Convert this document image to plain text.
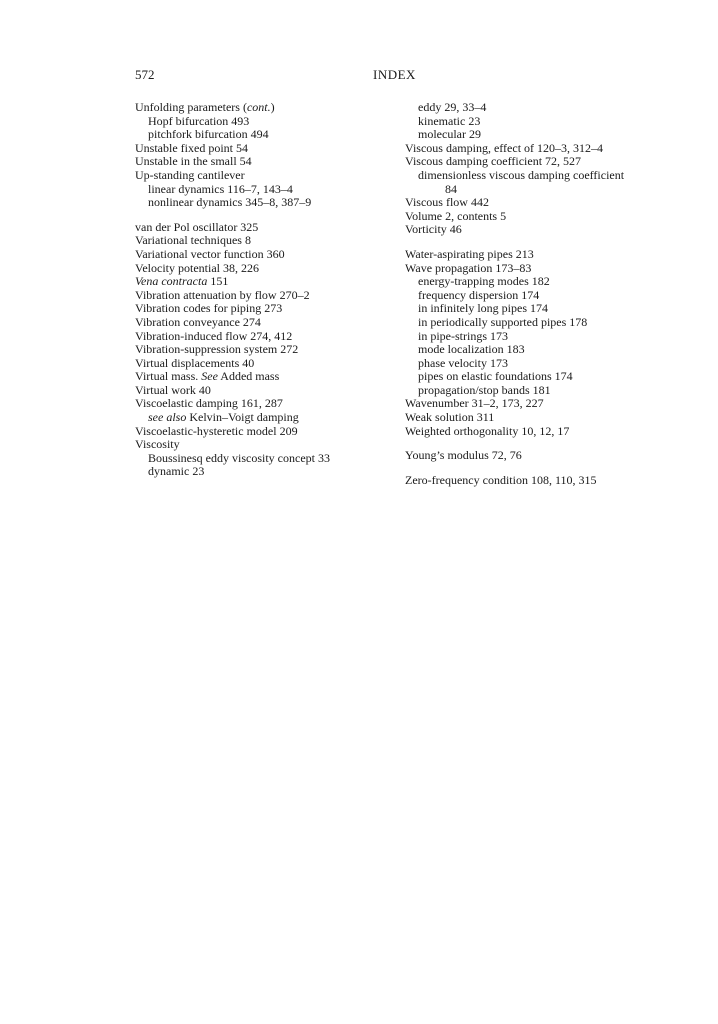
572	INDEX
Unfolding parameters (cont.)
Hopf bifurcation 493
pitchfork bifurcation 494
Unstable fixed point 54
Unstable in the small 54
Up-standing cantilever
linear dynamics 116–7, 143–4
nonlinear dynamics 345–8, 387–9
van der Pol oscillator 325
Variational techniques 8
Variational vector function 360
Velocity potential 38, 226
Vena contracta 151
Vibration attenuation by flow 270–2
Vibration codes for piping 273
Vibration conveyance 274
Vibration-induced flow 274, 412
Vibration-suppression system 272
Virtual displacements 40
Virtual mass. See Added mass
Virtual work 40
Viscoelastic damping 161, 287
see also Kelvin–Voigt damping
Viscoelastic-hysteretic model 209
Viscosity
Boussinesq eddy viscosity concept 33
dynamic 23
eddy 29, 33–4
kinematic 23
molecular 29
Viscous damping, effect of 120–3, 312–4
Viscous damping coefficient 72, 527
dimensionless viscous damping coefficient
84
Viscous flow 442
Volume 2, contents 5
Vorticity 46
Water-aspirating pipes 213
Wave propagation 173–83
energy-trapping modes 182
frequency dispersion 174
in infinitely long pipes 174
in periodically supported pipes 178
in pipe-strings 173
mode localization 183
phase velocity 173
pipes on elastic foundations 174
propagation/stop bands 181
Wavenumber 31–2, 173, 227
Weak solution 311
Weighted orthogonality 10, 12, 17
Young’s modulus 72, 76
Zero-frequency condition 108, 110, 315
